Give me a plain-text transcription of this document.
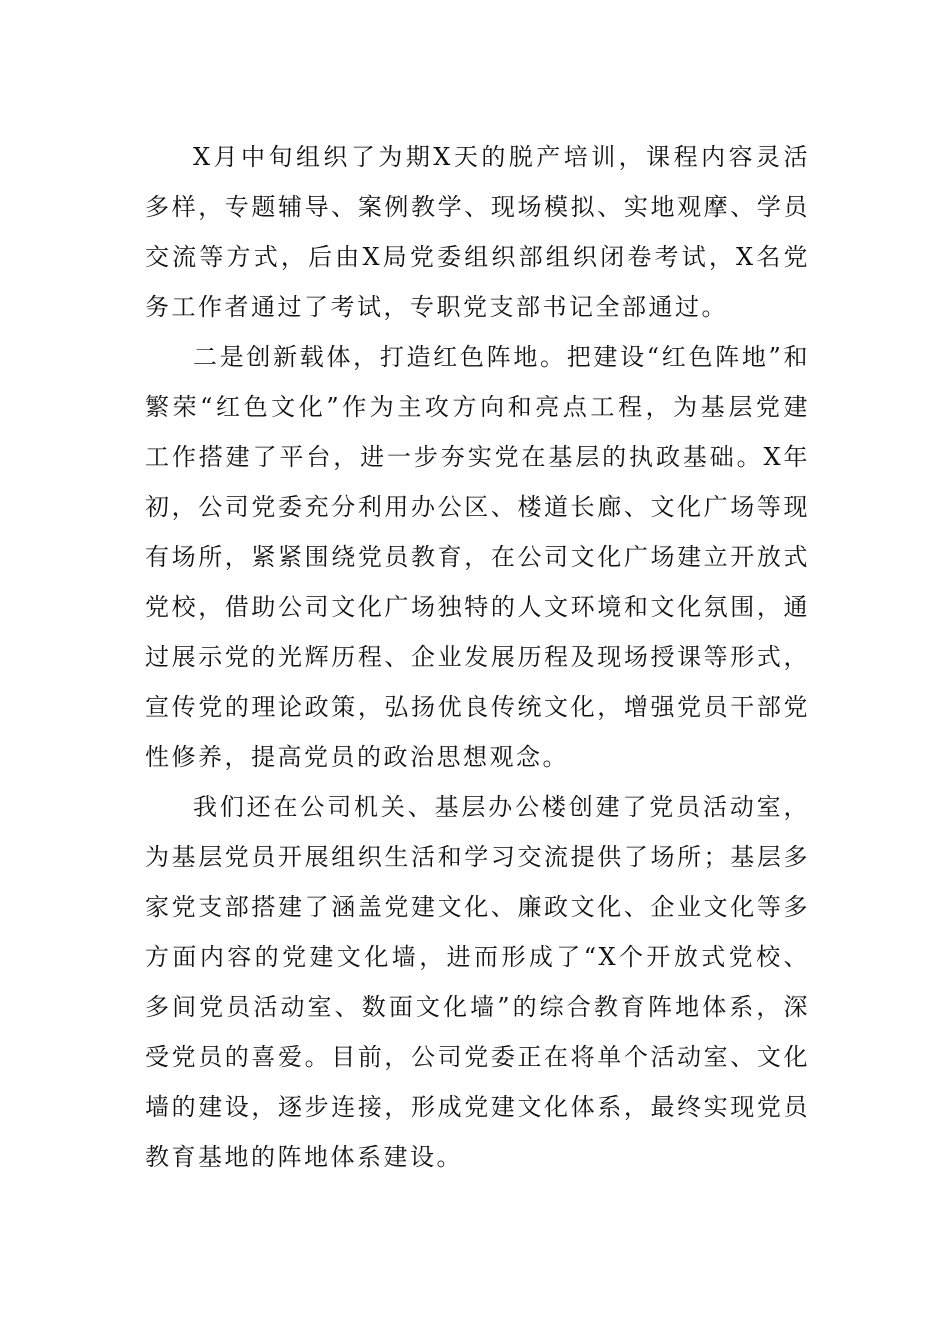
X月中旬组织了为期X天的脱产培训，课程内容灵活多样，专题辅导、案例教学、现场模拟、实地观摩、学员交流等方式，后由X局党委组织部组织闭卷考试，X名党务工作者通过了考试，专职党支部书记全部通过。

二是创新载体，打造红色阵地。把建设“红色阵地”和繁荣“红色文化”作为主攻方向和亮点工程，为基层党建工作搭建了平台，进一步夯实党在基层的执政基础。X年初，公司党委充分利用办公区、楼道长廊、文化广场等现有场所，紧紧围绕党员教育，在公司文化广场建立开放式党校，借助公司文化广场独特的人文环境和文化氛围，通过展示党的光辉历程、企业发展历程及现场授课等形式，宣传党的理论政策，弘扬优良传统文化，增强党员干部党性修养，提高党员的政治思想观念。

我们还在公司机关、基层办公楼创建了党员活动室，为基层党员开展组织生活和学习交流提供了场所；基层多家党支部搭建了涵盖党建文化、廉政文化、企业文化等多方面内容的党建文化墙，进而形成了“X个开放式党校、多间党员活动室、数面文化墙”的综合教育阵地体系，深受党员的喜爱。目前，公司党委正在将单个活动室、文化墙的建设，逐步连接，形成党建文化体系，最终实现党员教育基地的阵地体系建设。
